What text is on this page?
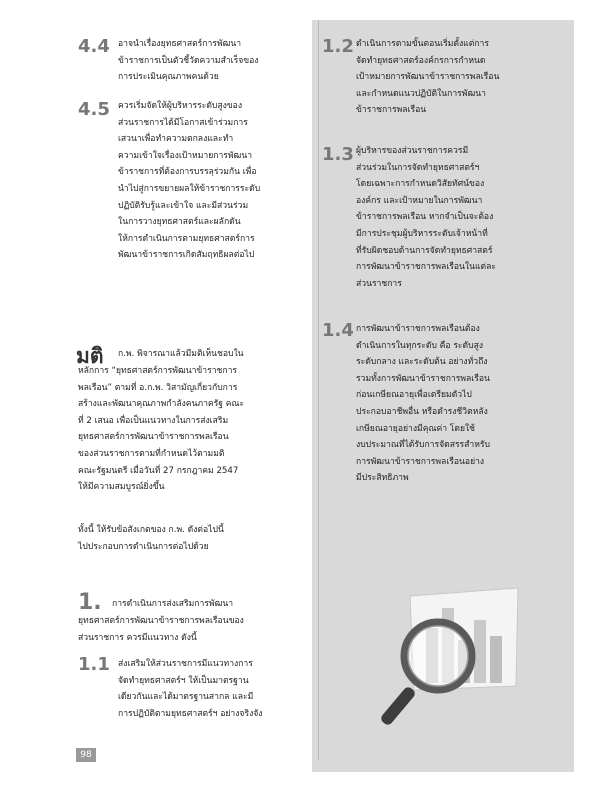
4.4 อาจนำเรื่องยุทธศาสตร์การพัฒนา

ข้าราชการเป็นตัวชี้วัดความสำเร็จของ

การประเมินคุณภาพคนด้วย

4.5 ควรเริ่มจัดให้ผู้บริหารระดับสูงของ

ส่วนราชการได้มีโอกาสเข้าร่วมการ

เสวนาเพื่อทำความตกลงและทำ

ความเข้าใจเรื่องเป้าหมายการพัฒนา

ข้าราชการที่ต้องการบรรลุร่วมกัน เพื่อ

นำไปสู่การขยายผลให้ข้าราชการระดับ

ปฏิบัติรับรู้และเข้าใจ และมีส่วนร่วม

ในการวางยุทธศาสตร์และผลักดัน

ให้การดำเนินการตามยุทธศาสตร์การ

พัฒนาข้าราชการเกิดสัมฤทธิผลต่อไป

มติ ก.พ. พิจารณาแล้วมีมติเห็นชอบใน

หลักการ “ยุทธศาสตร์การพัฒนาข้าราชการ

พลเรือน” ตามที่ อ.ก.พ. วิสามัญเกี่ยวกับการ

สร้างและพัฒนาคุณภาพกำลังคนภาครัฐ คณะ

ที่ 2 เสนอ เพื่อเป็นแนวทางในการส่งเสริม

ยุทธศาสตร์การพัฒนาข้าราชการพลเรือน

ของส่วนราชการตามที่กำหนดไว้ตามมติ

คณะรัฐมนตรี เมื่อวันที่ 27 กรกฎาคม 2547

ให้มีความสมบูรณ์ยิ่งขึ้น

ทั้งนี้ ให้รับข้อสังเกตของ ก.พ. ดังต่อไปนี้

ไปประกอบการดำเนินการต่อไปด้วย

1. การดำเนินการส่งเสริมการพัฒนา

ยุทธศาสตร์การพัฒนาข้าราชการพลเรือนของ

ส่วนราชการ ควรมีแนวทาง ดังนี้

1.1 ส่งเสริมให้ส่วนราชการมีแนวทางการ

จัดทำยุทธศาสตร์ฯ ให้เป็นมาตรฐาน

เดียวกันและได้มาตรฐานสากล และมี

การปฏิบัติตามยุทธศาสตร์ฯ อย่างจริงจัง

1.2 ดำเนินการตามขั้นตอนเริ่มตั้งแต่การ

จัดทำยุทธศาสตร์องค์กรการกำหนด

เป้าหมายการพัฒนาข้าราชการพลเรือน

และกำหนดแนวปฏิบัติในการพัฒนา

ข้าราชการพลเรือน

1.3 ผู้บริหารของส่วนราชการควรมี

ส่วนร่วมในการจัดทำยุทธศาสตร์ฯ

โดยเฉพาะการกำหนดวิสัยทัศน์ของ

องค์กร และเป้าหมายในการพัฒนา

ข้าราชการพลเรือน หากจำเป็นจะต้อง

มีการประชุมผู้บริหารระดับเจ้าหน้าที่

ที่รับผิดชอบด้านการจัดทำยุทธศาสตร์

การพัฒนาข้าราชการพลเรือนในแต่ละ

ส่วนราชการ

1.4 การพัฒนาข้าราชการพลเรือนต้อง

ดำเนินการในทุกระดับ คือ ระดับสูง

ระดับกลาง และระดับต้น อย่างทั่วถึง

รวมทั้งการพัฒนาข้าราชการพลเรือน

ก่อนเกษียณอายุเพื่อเตรียมตัวไป

ประกอบอาชีพอื่น หรือดำรงชีวิตหลัง

เกษียณอายุอย่างมีคุณค่า โดยใช้

งบประมาณที่ได้รับการจัดสรรสำหรับ

การพัฒนาข้าราชการพลเรือนอย่าง

มีประสิทธิภาพ

98
